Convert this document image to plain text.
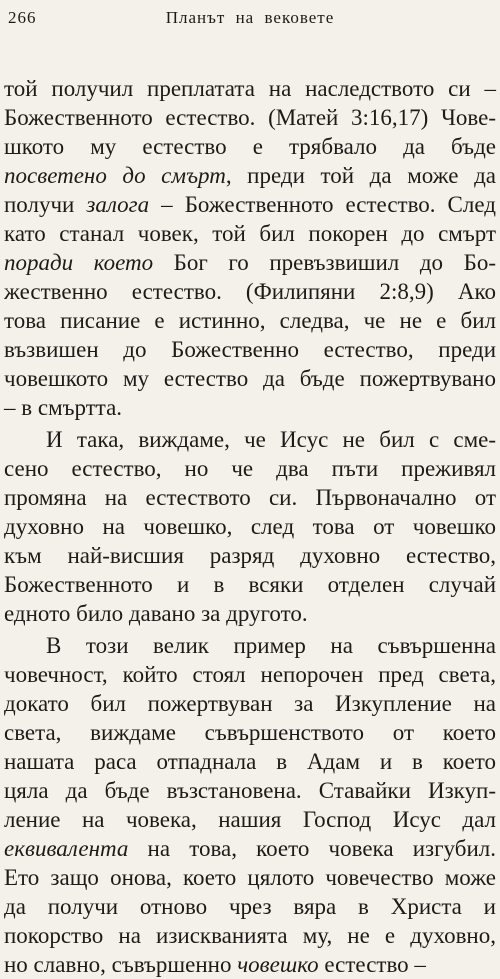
266	Планът на вековете
той получил преплатата на наследството си –
Божественното естество. (Матей 3:16,17) Чове-
шкото му естество е трябвало да бъде
посветено до смърт, преди той да може да
получи залога – Божественното естество. След
като станал човек, той бил покорен до смърт
поради което Бог го превъзвишил до Бо-
жественно естество. (Филипяни 2:8,9) Ако
това писание е истинно, следва, че не е бил
възвишен до Божественно естество, преди
човешкото му естество да бъде пожертвувано
– в смъртта.
И така, виждаме, че Исус не бил с сме-
сено естество, но че два пъти преживял
промяна на естеството си. Първоначално от
духовно на човешко, след това от човешко
към най-висшия разряд духовно естество,
Божественното и в всяки отделен случай
едното било давано за другото.
В този велик пример на съвършенна
човечност, който стоял непорочен пред света,
докато бил пожертвуван за Изкупление на
света, виждаме съвършенството от което
нашата раса отпаднала в Адам и в което
цяла да бъде възстановена. Ставайки Изкуп-
ление на човека, нашия Господ Исус дал
еквивалента на това, което човека изгубил.
Ето защо онова, което цялото човечество може
да получи отново чрез вяра в Христа и
покорство на изискванията му, не е духовно,
но славно, съвършенно човешко естество –
